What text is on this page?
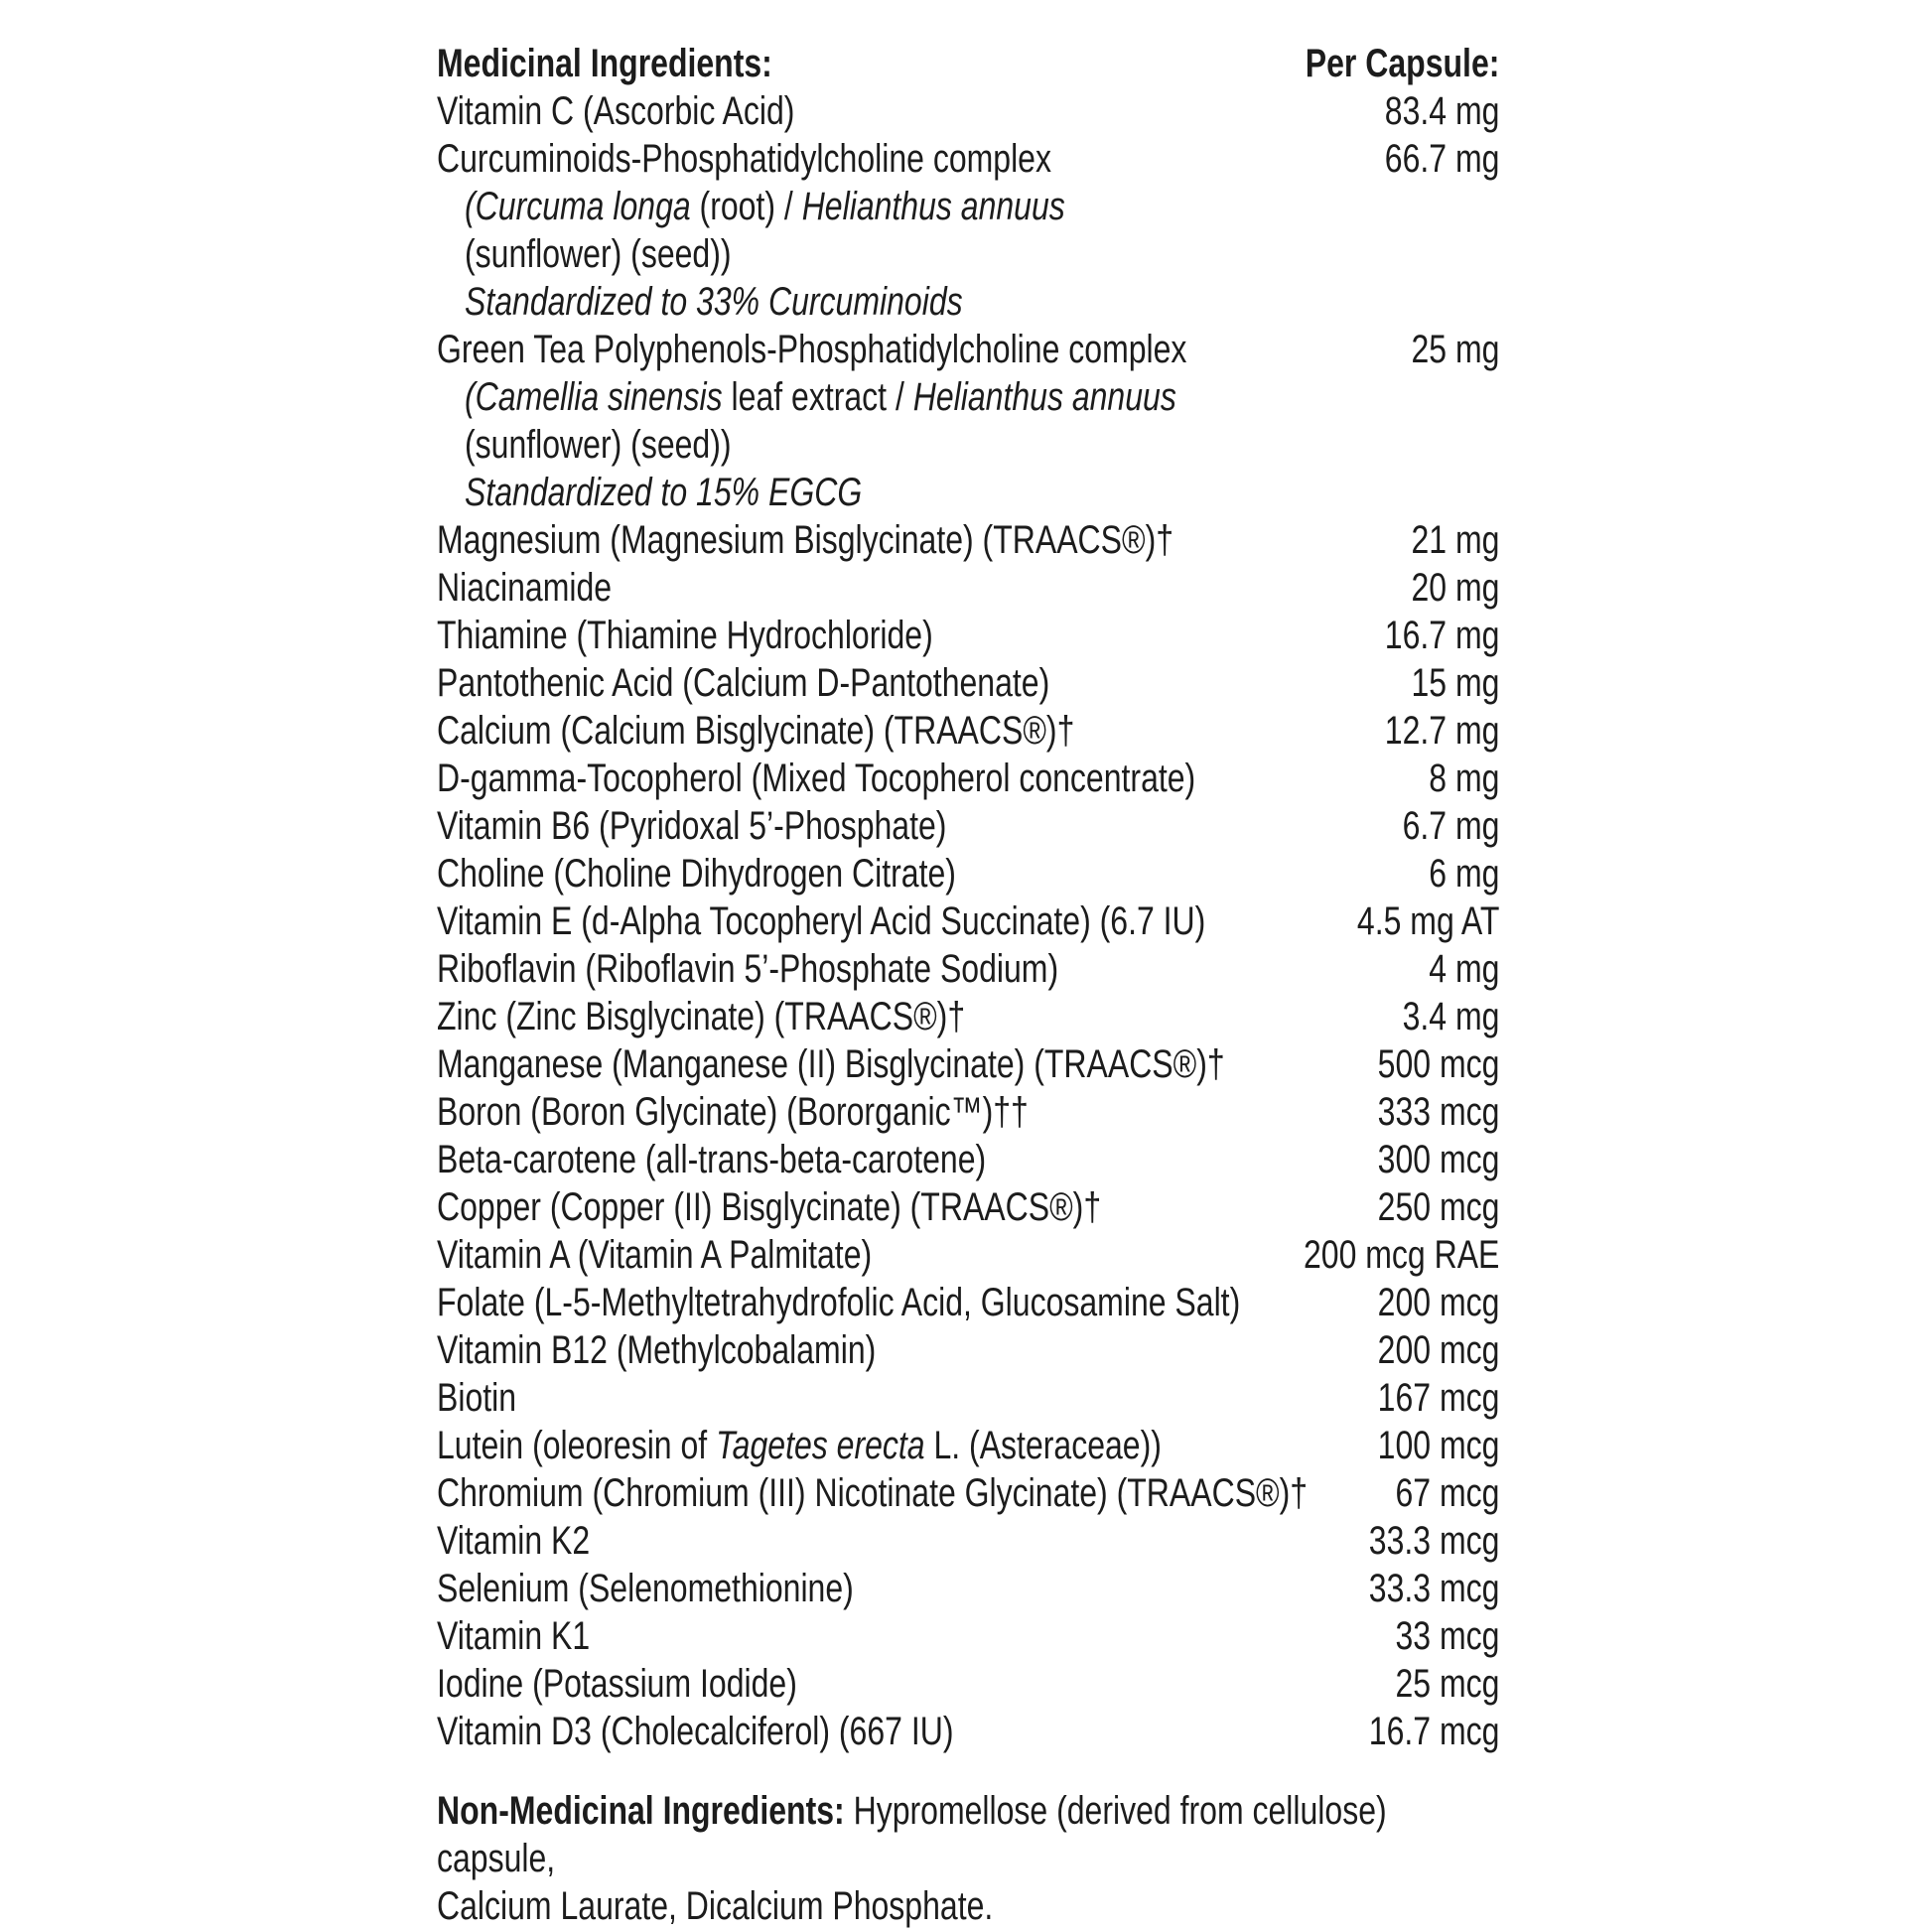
Medicinal Ingredients:	Per Capsule:
Vitamin C (Ascorbic Acid)	83.4 mg
Curcuminoids-Phosphatidylcholine complex	66.7 mg
(Curcuma longa (root) / Helianthus annuus
(sunflower) (seed))
Standardized to 33% Curcuminoids
Green Tea Polyphenols-Phosphatidylcholine complex	25 mg
(Camellia sinensis leaf extract / Helianthus annuus
(sunflower) (seed))
Standardized to 15% EGCG
Magnesium (Magnesium Bisglycinate) (TRAACS®)†	21 mg
Niacinamide	20 mg
Thiamine (Thiamine Hydrochloride)	16.7 mg
Pantothenic Acid (Calcium D-Pantothenate)	15 mg
Calcium (Calcium Bisglycinate) (TRAACS®)†	12.7 mg
D-gamma-Tocopherol (Mixed Tocopherol concentrate)	8 mg
Vitamin B6 (Pyridoxal 5’-Phosphate)	6.7 mg
Choline (Choline Dihydrogen Citrate)	6 mg
Vitamin E (d-Alpha Tocopheryl Acid Succinate) (6.7 IU)	4.5 mg AT
Riboflavin (Riboflavin 5’-Phosphate Sodium)	4 mg
Zinc (Zinc Bisglycinate) (TRAACS®)†	3.4 mg
Manganese (Manganese (II) Bisglycinate) (TRAACS®)†	500 mcg
Boron (Boron Glycinate) (Bororganic™)††	333 mcg
Beta-carotene (all-trans-beta-carotene)	300 mcg
Copper (Copper (II) Bisglycinate) (TRAACS®)†	250 mcg
Vitamin A (Vitamin A Palmitate)	200 mcg RAE
Folate (L-5-Methyltetrahydrofolic Acid, Glucosamine Salt)	200 mcg
Vitamin B12 (Methylcobalamin)	200 mcg
Biotin	167 mcg
Lutein (oleoresin of Tagetes erecta L. (Asteraceae))	100 mcg
Chromium (Chromium (III) Nicotinate Glycinate) (TRAACS®)†	67 mcg
Vitamin K2	33.3 mcg
Selenium (Selenomethionine)	33.3 mcg
Vitamin K1	33 mcg
Iodine (Potassium Iodide)	25 mcg
Vitamin D3 (Cholecalciferol) (667 IU)	16.7 mcg
Non-Medicinal Ingredients: Hypromellose (derived from cellulose) capsule,
Calcium Laurate, Dicalcium Phosphate.
